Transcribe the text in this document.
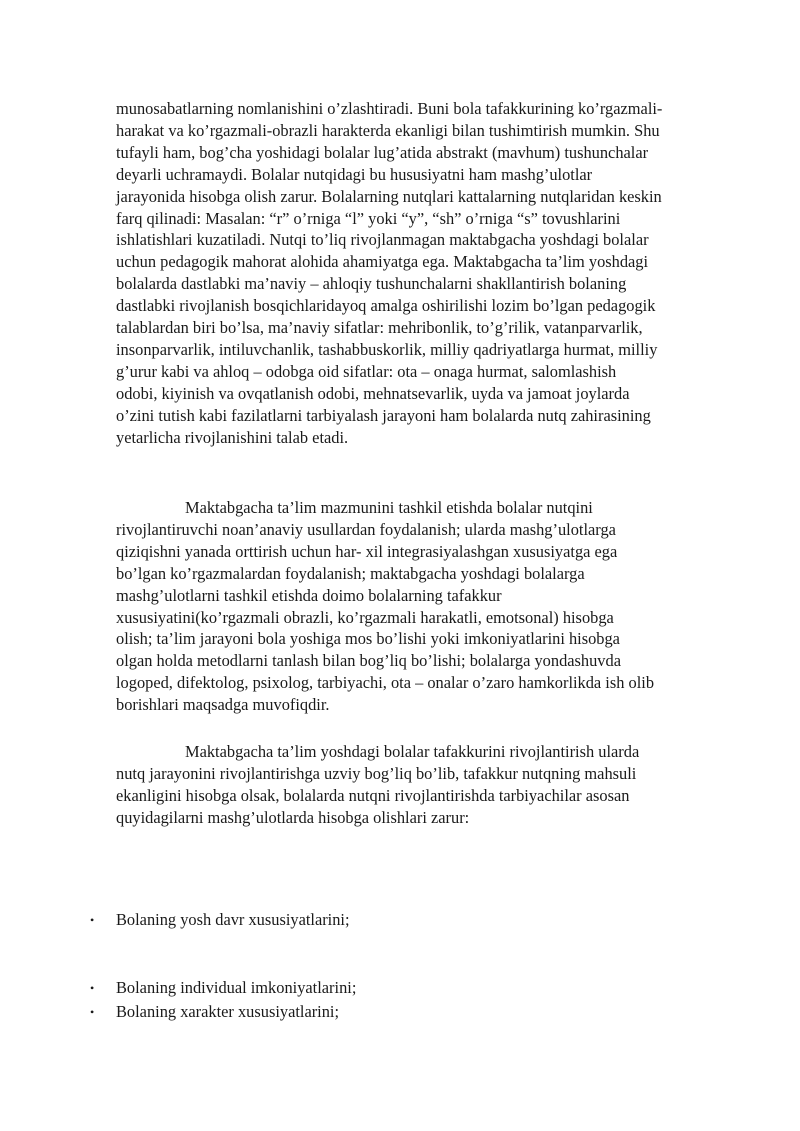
munosabatlarning nomlanishini o’zlashtiradi. Buni bola tafakkurining ko’rgazmali-
harakat va ko’rgazmali-obrazli harakterda ekanligi bilan tushimtirish mumkin. Shu
tufayli ham, bog’cha yoshidagi bolalar lug’atida abstrakt (mavhum) tushunchalar
deyarli uchramaydi. Bolalar nutqidagi bu hususiyatni ham mashg’ulotlar
jarayonida hisobga olish zarur. Bolalarning nutqlari kattalarning nutqlaridan keskin
farq qilinadi: Masalan: “r” o’rniga “l” yoki “y”, “sh” o’rniga “s” tovushlarini
ishlatishlari kuzatiladi. Nutqi to’liq rivojlanmagan maktabgacha yoshdagi bolalar
uchun pedagogik mahorat alohida ahamiyatga ega. Maktabgacha ta’lim yoshdagi
bolalarda dastlabki ma’naviy – ahloqiy tushunchalarni shakllantirish bolaning
dastlabki rivojlanish bosqichlaridayoq amalga oshirilishi lozim bo’lgan pedagogik
talablardan biri bo’lsa, ma’naviy sifatlar: mehribonlik, to’g’rilik, vatanparvarlik,
insonparvarlik, intiluvchanlik, tashabbuskorlik, milliy qadriyatlarga hurmat, milliy
g’urur kabi va ahloq – odobga oid sifatlar: ota – onaga hurmat, salomlashish
odobi, kiyinish va ovqatlanish odobi, mehnatsevarlik, uyda va jamoat joylarda
o’zini tutish kabi fazilatlarni tarbiyalash jarayoni ham bolalarda nutq zahirasining
yetarlicha rivojlanishini talab etadi.
Maktabgacha ta’lim mazmunini tashkil etishda bolalar nutqini
rivojlantiruvchi noan’anaviy usullardan foydalanish; ularda mashg’ulotlarga
qiziqishni yanada orttirish uchun har- xil integrasiyalashgan xususiyatga ega
bo’lgan ko’rgazmalardan foydalanish; maktabgacha yoshdagi bolalarga
mashg’ulotlarni tashkil etishda doimo bolalarning tafakkur
xususiyatini(ko’rgazmali obrazli, ko’rgazmali harakatli, emotsonal) hisobga
olish; ta’lim jarayoni bola yoshiga mos bo’lishi yoki imkoniyatlarini hisobga
olgan holda metodlarni tanlash bilan bog’liq bo’lishi; bolalarga yondashuvda
logoped, difektolog, psixolog, tarbiyachi, ota – onalar o’zaro hamkorlikda ish olib
borishlari maqsadga muvofiqdir.
Maktabgacha ta’lim yoshdagi bolalar tafakkurini rivojlantirish ularda
nutq jarayonini rivojlantirishga uzviy bog’liq bo’lib, tafakkur nutqning mahsuli
ekanligini hisobga olsak, bolalarda nutqni rivojlantirishda tarbiyachilar asosan
quyidagilarni mashg’ulotlarda hisobga olishlari zarur:
• Bolaning yosh davr xususiyatlarini;
• Bolaning individual imkoniyatlarini;
• Bolaning xarakter xususiyatlarini;
